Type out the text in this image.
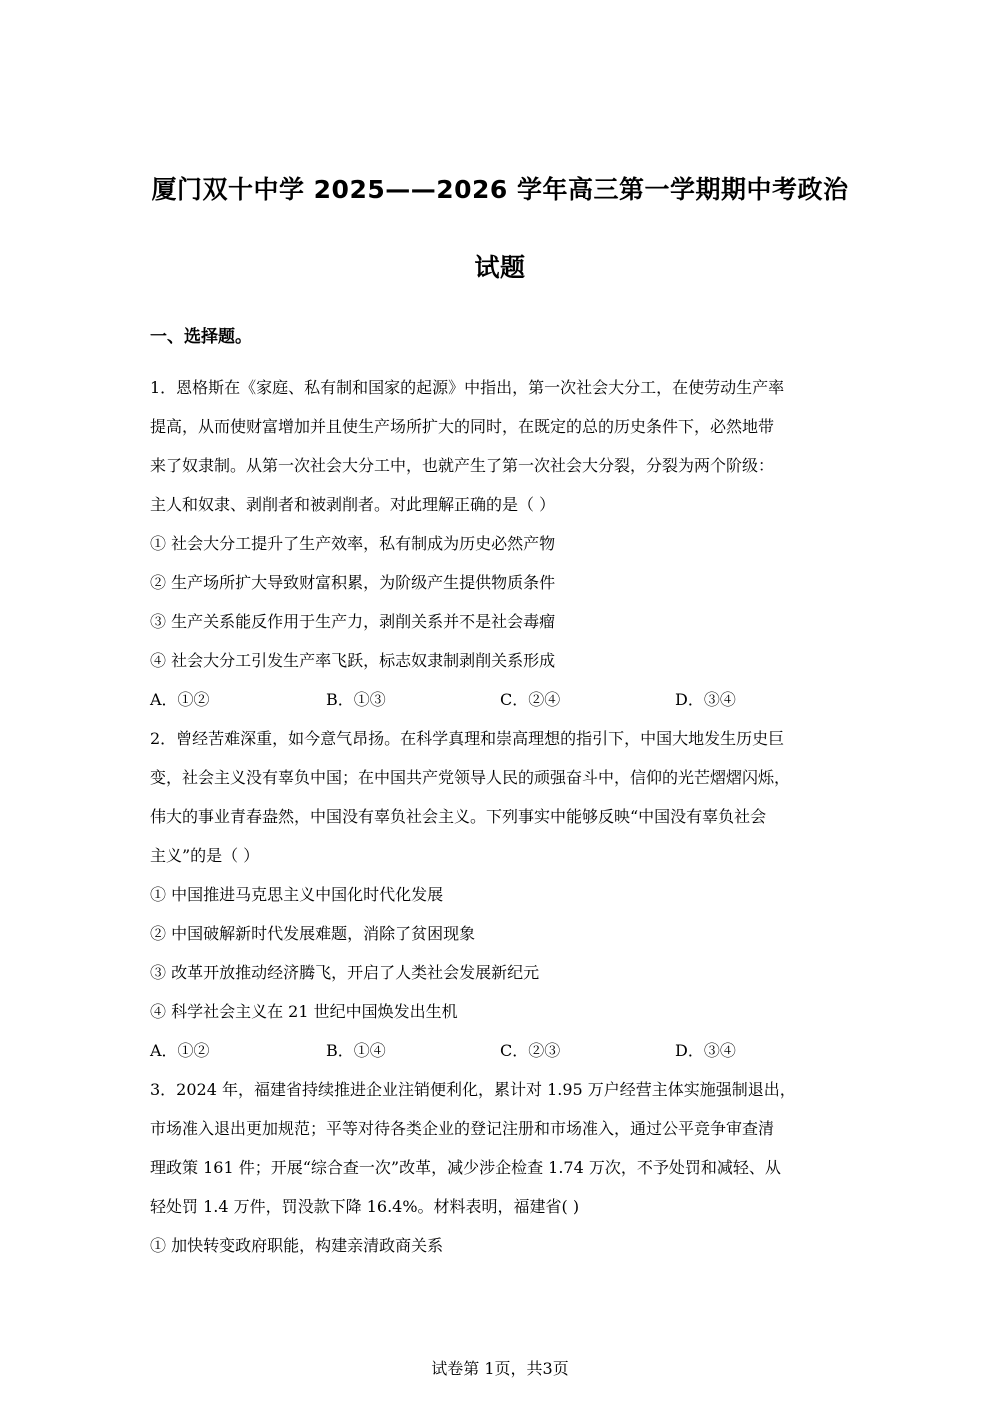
厦门双十中学 2025——2026 学年高三第一学期期中考政治
试题
一、选择题。

1．恩格斯在《家庭、私有制和国家的起源》中指出，第一次社会大分工，在使劳动生产率

提高，从而使财富增加并且使生产场所扩大的同时，在既定的总的历史条件下，必然地带

来了奴隶制。从第一次社会大分工中，也就产生了第一次社会大分裂，分裂为两个阶级：

主人和奴隶、剥削者和被剥削者。对此理解正确的是（ ）

① 社会大分工提升了生产效率，私有制成为历史必然产物

② 生产场所扩大导致财富积累，为阶级产生提供物质条件

③ 生产关系能反作用于生产力，剥削关系并不是社会毒瘤

④ 社会大分工引发生产率飞跃，标志奴隶制剥削关系形成

A．①②	B．①③	C．②④	D．③④

2．曾经苦难深重，如今意气昂扬。在科学真理和崇高理想的指引下，中国大地发生历史巨

变，社会主义没有辜负中国；在中国共产党领导人民的顽强奋斗中，信仰的光芒熠熠闪烁，

伟大的事业青春盎然，中国没有辜负社会主义。下列事实中能够反映“中国没有辜负社会

主义”的是（ ）

① 中国推进马克思主义中国化时代化发展

② 中国破解新时代发展难题，消除了贫困现象

③ 改革开放推动经济腾飞，开启了人类社会发展新纪元

④ 科学社会主义在 21 世纪中国焕发出生机

A．①②	B．①④	C．②③	D．③④

3．2024 年，福建省持续推进企业注销便利化，累计对 1.95 万户经营主体实施强制退出，

市场准入退出更加规范；平等对待各类企业的登记注册和市场准入，通过公平竞争审查清

理政策 161 件；开展“综合查一次”改革，减少涉企检查 1.74 万次，不予处罚和减轻、从

轻处罚 1.4 万件，罚没款下降 16.4%。材料表明，福建省( )

① 加快转变政府职能，构建亲清政商关系

试卷第 1页，共3页
